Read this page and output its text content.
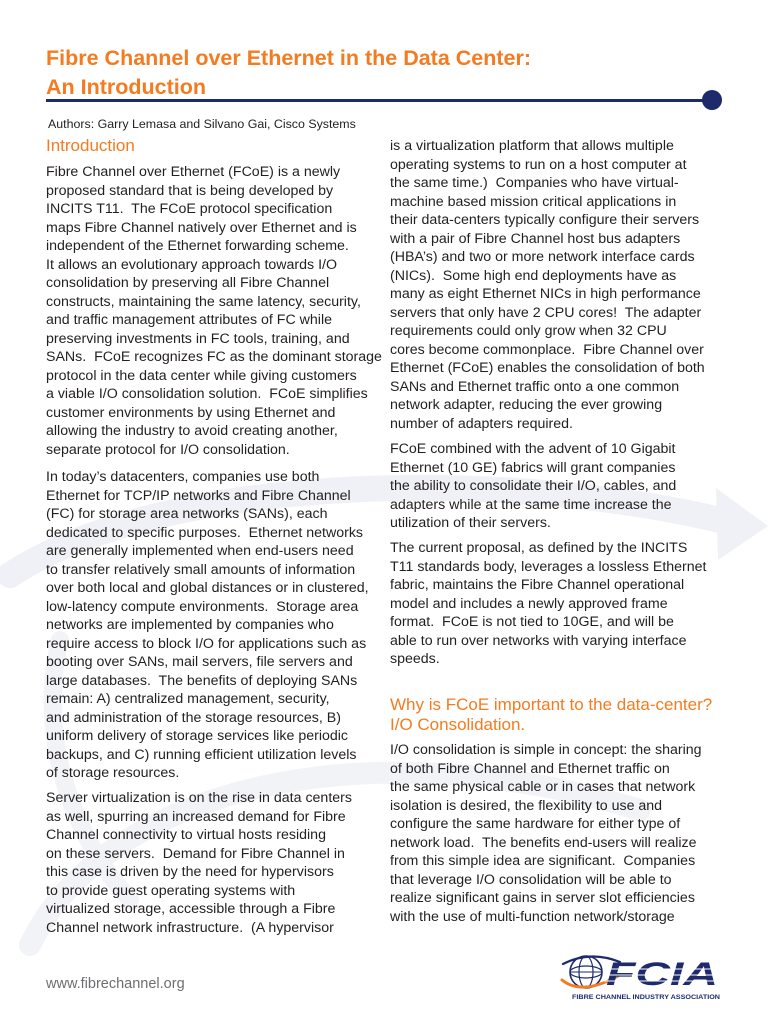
Fibre Channel over Ethernet in the Data Center:
An Introduction
Authors: Garry Lemasa and Silvano Gai, Cisco Systems
Introduction
Fibre Channel over Ethernet (FCoE) is a newly
proposed standard that is being developed by
INCITS T11.  The FCoE protocol specification
maps Fibre Channel natively over Ethernet and is
independent of the Ethernet forwarding scheme.
It allows an evolutionary approach towards I/O
consolidation by preserving all Fibre Channel
constructs, maintaining the same latency, security,
and traffic management attributes of FC while
preserving investments in FC tools, training, and
SANs.  FCoE recognizes FC as the dominant storage
protocol in the data center while giving customers
a viable I/O consolidation solution.  FCoE simplifies
customer environments by using Ethernet and
allowing the industry to avoid creating another,
separate protocol for I/O consolidation.
In today’s datacenters, companies use both
Ethernet for TCP/IP networks and Fibre Channel
(FC) for storage area networks (SANs), each
dedicated to specific purposes.  Ethernet networks
are generally implemented when end-users need
to transfer relatively small amounts of information
over both local and global distances or in clustered,
low-latency compute environments.  Storage area
networks are implemented by companies who
require access to block I/O for applications such as
booting over SANs, mail servers, file servers and
large databases.  The benefits of deploying SANs
remain: A) centralized management, security,
and administration of the storage resources, B)
uniform delivery of storage services like periodic
backups, and C) running efficient utilization levels
of storage resources.
Server virtualization is on the rise in data centers
as well, spurring an increased demand for Fibre
Channel connectivity to virtual hosts residing
on these servers.  Demand for Fibre Channel in
this case is driven by the need for hypervisors
to provide guest operating systems with
virtualized storage, accessible through a Fibre
Channel network infrastructure.  (A hypervisor
is a virtualization platform that allows multiple
operating systems to run on a host computer at
the same time.)  Companies who have virtual-
machine based mission critical applications in
their data-centers typically configure their servers
with a pair of Fibre Channel host bus adapters
(HBA’s) and two or more network interface cards
(NICs).  Some high end deployments have as
many as eight Ethernet NICs in high performance
servers that only have 2 CPU cores!  The adapter
requirements could only grow when 32 CPU
cores become commonplace.  Fibre Channel over
Ethernet (FCoE) enables the consolidation of both
SANs and Ethernet traffic onto a one common
network adapter, reducing the ever growing
number of adapters required.
FCoE combined with the advent of 10 Gigabit
Ethernet (10 GE) fabrics will grant companies
the ability to consolidate their I/O, cables, and
adapters while at the same time increase the
utilization of their servers.
The current proposal, as defined by the INCITS
T11 standards body, leverages a lossless Ethernet
fabric, maintains the Fibre Channel operational
model and includes a newly approved frame
format.  FCoE is not tied to 10GE, and will be
able to run over networks with varying interface
speeds.
Why is FCoE important to the data-center?
I/O Consolidation.
I/O consolidation is simple in concept: the sharing
of both Fibre Channel and Ethernet traffic on
the same physical cable or in cases that network
isolation is desired, the flexibility to use and
configure the same hardware for either type of
network load.  The benefits end-users will realize
from this simple idea are significant.  Companies
that leverage I/O consolidation will be able to
realize significant gains in server slot efficiencies
with the use of multi-function network/storage
www.fibrechannel.org	FCIA
FIBRE CHANNEL INDUSTRY ASSOCIATION
